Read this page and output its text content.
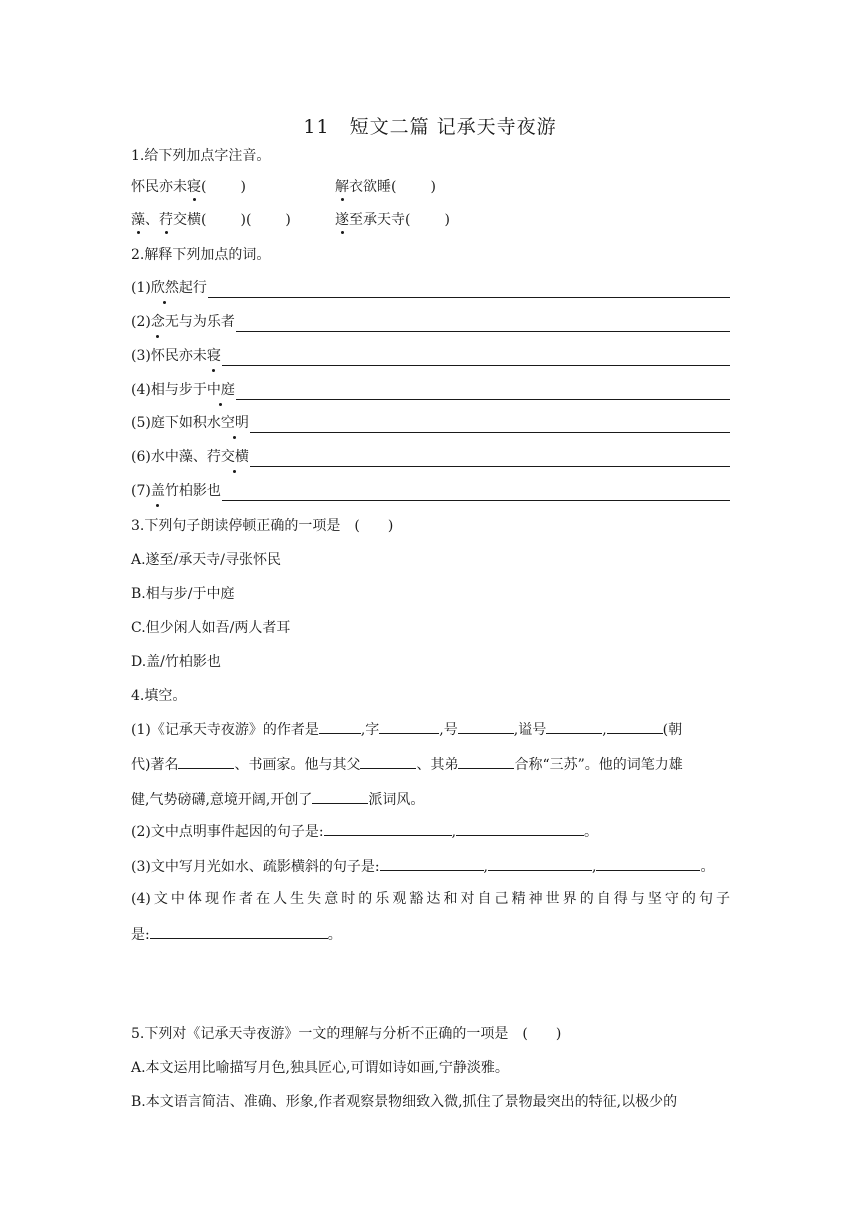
11　短文二篇 记承天寺夜游
1.给下列加点字注音。
怀民亦未寝( )	解衣欲睡( )
藻、荇交横( )( )	遂至承天寺( )
2.解释下列加点的词。
(1) 欣然 起行
(2) 念 无与为乐者
(3) 怀民亦未 寝
(4) 相与步于中 庭
(5) 庭下如积水 空明
(6) 水中藻、荇 交横
(7) 盖 竹柏影也
3.下列句子朗读停顿正确的一项是　(　　)
A.遂至/承天寺/寻张怀民
B.相与步/于中庭
C.但少闲人如吾/两人者耳
D.盖/竹柏影也
4.填空。
(1)《记承天寺夜游》的作者是	,字	,号	,谥号	,	(朝
代)著名	、书画家。他与其父	、其弟	合称“三苏”。他的词笔力雄
健,气势磅礴,意境开阔,开创了	派词风。
(2)文中点明事件起因的句子是:	,	。
(3)文中写月光如水、疏影横斜的句子是:	,	,	。
(4)文中体现作者在人生失意时的乐观豁达和对自己精神世界的自得与坚守的句子
是:	。
5.下列对《记承天寺夜游》一文的理解与分析不正确的一项是　(　　)
A.本文运用比喻描写月色,独具匠心,可谓如诗如画,宁静淡雅。
B.本文语言简洁、准确、形象,作者观察景物细致入微,抓住了景物最突出的特征,以极少的
